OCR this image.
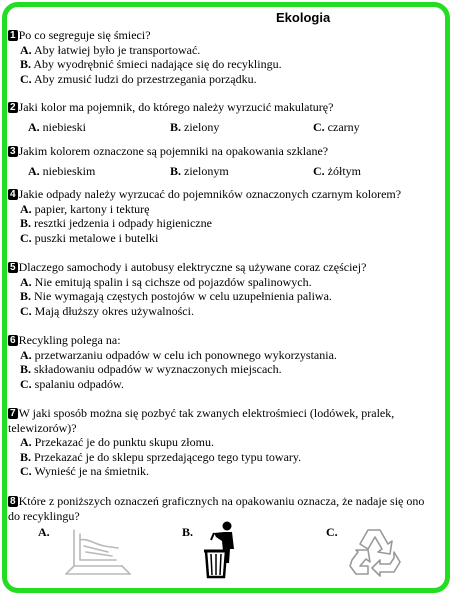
Ekologia
1 Po co segreguje się śmieci?
A. Aby łatwiej było je transportować.
B. Aby wyodrębnić śmieci nadające się do recyklingu.
C. Aby zmusić ludzi do przestrzegania porządku.
2 Jaki kolor ma pojemnik, do którego należy wyrzucić makulaturę?
A. niebieski	B. zielony	C. czarny
3 Jakim kolorem oznaczone są pojemniki na opakowania szklane?
A. niebieskim	B. zielonym	C. żółtym
4 Jakie odpady należy wyrzucać do pojemników oznaczonych czarnym kolorem?
A. papier, kartony i tekturę
B. resztki jedzenia i odpady higieniczne
C. puszki metalowe i butelki
5 Dlaczego samochody i autobusy elektryczne są używane coraz częściej?
A. Nie emitują spalin i są cichsze od pojazdów spalinowych.
B. Nie wymagają częstych postojów w celu uzupełnienia paliwa.
C. Mają dłuższy okres używalności.
6 Recykling polega na:
A. przetwarzaniu odpadów w celu ich ponownego wykorzystania.
B. składowaniu odpadów w wyznaczonych miejscach.
C. spalaniu odpadów.
7 W jaki sposób można się pozbyć tak zwanych elektrośmieci (lodówek, pralek, telewizorów)?
A. Przekazać je do punktu skupu złomu.
B. Przekazać je do sklepu sprzedającego tego typu towary.
C. Wynieść je na śmietnik.
8 Które z poniższych oznaczeń graficznych na opakowaniu oznacza, że nadaje się ono do recyklingu?
A.	B.	C.
